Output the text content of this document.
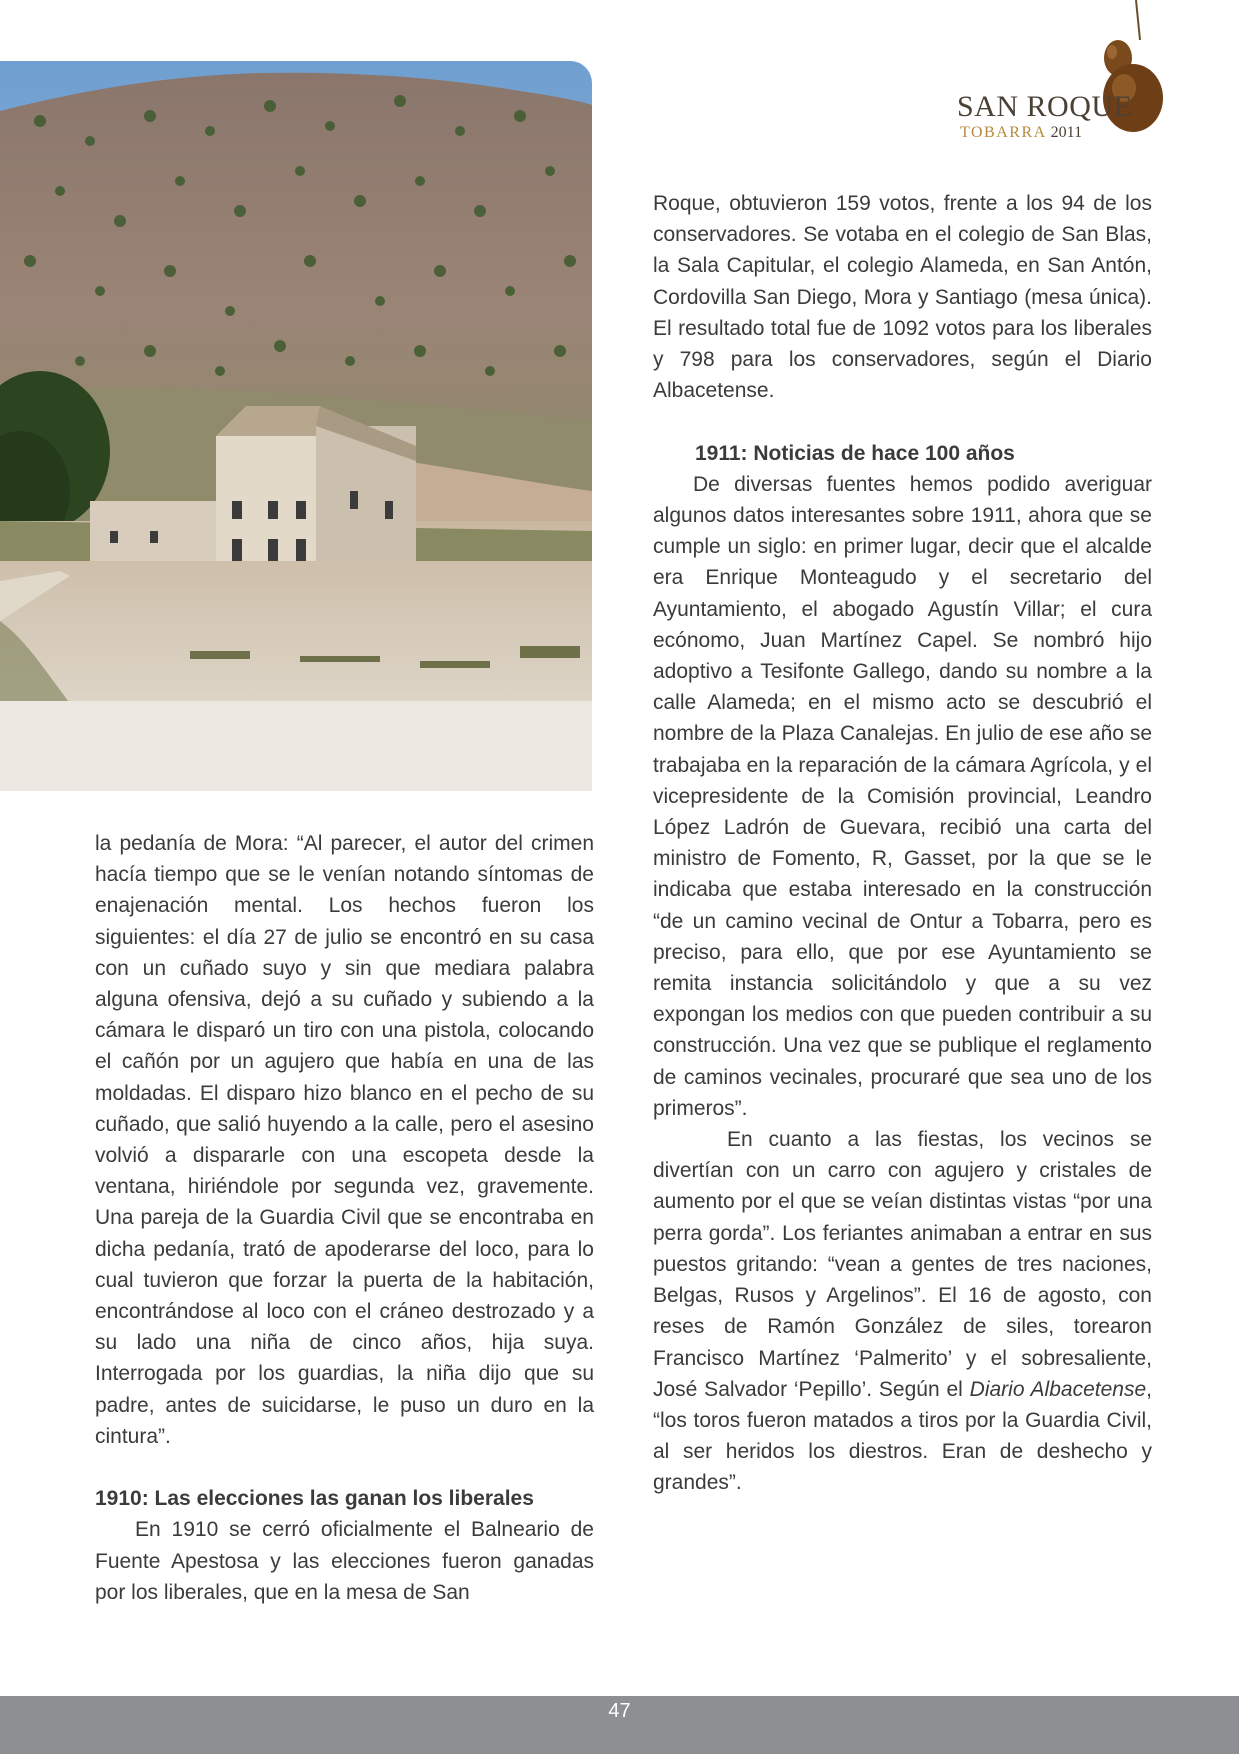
SAN ROQUE
TOBARRA 2011

la pedanía de Mora: “Al parecer, el autor del crimen hacía tiempo que se le venían notando síntomas de enajenación mental. Los hechos fueron los siguientes: el día 27 de julio se encontró en su casa con un cuñado suyo y sin que mediara palabra alguna ofensiva, dejó a su cuñado y subiendo a la cámara le disparó un tiro con una pistola, colocando el cañón por un agujero que había en una de las moldadas. El disparo hizo blanco en el pecho de su cuñado, que salió huyendo a la calle, pero el asesino volvió a dispararle con una escopeta desde la ventana, hiriéndole por segunda vez, gravemente. Una pareja de la Guardia Civil que se encontraba en dicha pedanía, trató de apoderarse del loco, para lo cual tuvieron que forzar la puerta de la habitación, encontrándose al loco con el cráneo destrozado y a su lado una niña de cinco años, hija suya. Interrogada por los guardias, la niña dijo que su padre, antes de suicidarse, le puso un duro en la cintura”.

1910: Las elecciones las ganan los liberales

En 1910 se cerró oficialmente el Balneario de Fuente Apestosa y las elecciones fueron ganadas por los liberales, que en la mesa de San

Roque, obtuvieron 159 votos, frente a los 94 de los conservadores. Se votaba en el colegio de San Blas, la Sala Capitular, el colegio Alameda, en San Antón, Cordovilla San Diego, Mora y Santiago (mesa única). El resultado total fue de 1092 votos para los liberales y 798 para los conservadores, según el Diario Albacetense.

1911: Noticias de hace 100 años

De diversas fuentes hemos podido averiguar algunos datos interesantes sobre 1911, ahora que se cumple un siglo: en primer lugar, decir que el alcalde era Enrique Monteagudo y el secretario del Ayuntamiento, el abogado Agustín Villar; el cura ecónomo, Juan Martínez Capel. Se nombró hijo adoptivo a Tesifonte Gallego, dando su nombre a la calle Alameda; en el mismo acto se descubrió el nombre de la Plaza Canalejas. En julio de ese año se trabajaba en la reparación de la cámara Agrícola, y el vicepresidente de la Comisión provincial, Leandro López Ladrón de Guevara, recibió una carta del ministro de Fomento, R, Gasset, por la que se le indicaba que estaba interesado en la construcción “de un camino vecinal de Ontur a Tobarra, pero es preciso, para ello, que por ese Ayuntamiento se remita instancia solicitándolo y que a su vez expongan los medios con que pueden contribuir a su construcción. Una vez que se publique el reglamento de caminos vecinales, procuraré que sea uno de los primeros”.

En cuanto a las fiestas, los vecinos se divertían con un carro con agujero y cristales de aumento por el que se veían distintas vistas “por una perra gorda”. Los feriantes animaban a entrar en sus puestos gritando: “vean a gentes de tres naciones, Belgas, Rusos y Argelinos”. El 16 de agosto, con reses de Ramón González de siles, torearon Francisco Martínez ‘Palmerito’ y el sobresaliente, José Salvador ‘Pepillo’. Según el Diario Albacetense, “los toros fueron matados a tiros por la Guardia Civil, al ser heridos los diestros. Eran de deshecho y grandes”.

47
